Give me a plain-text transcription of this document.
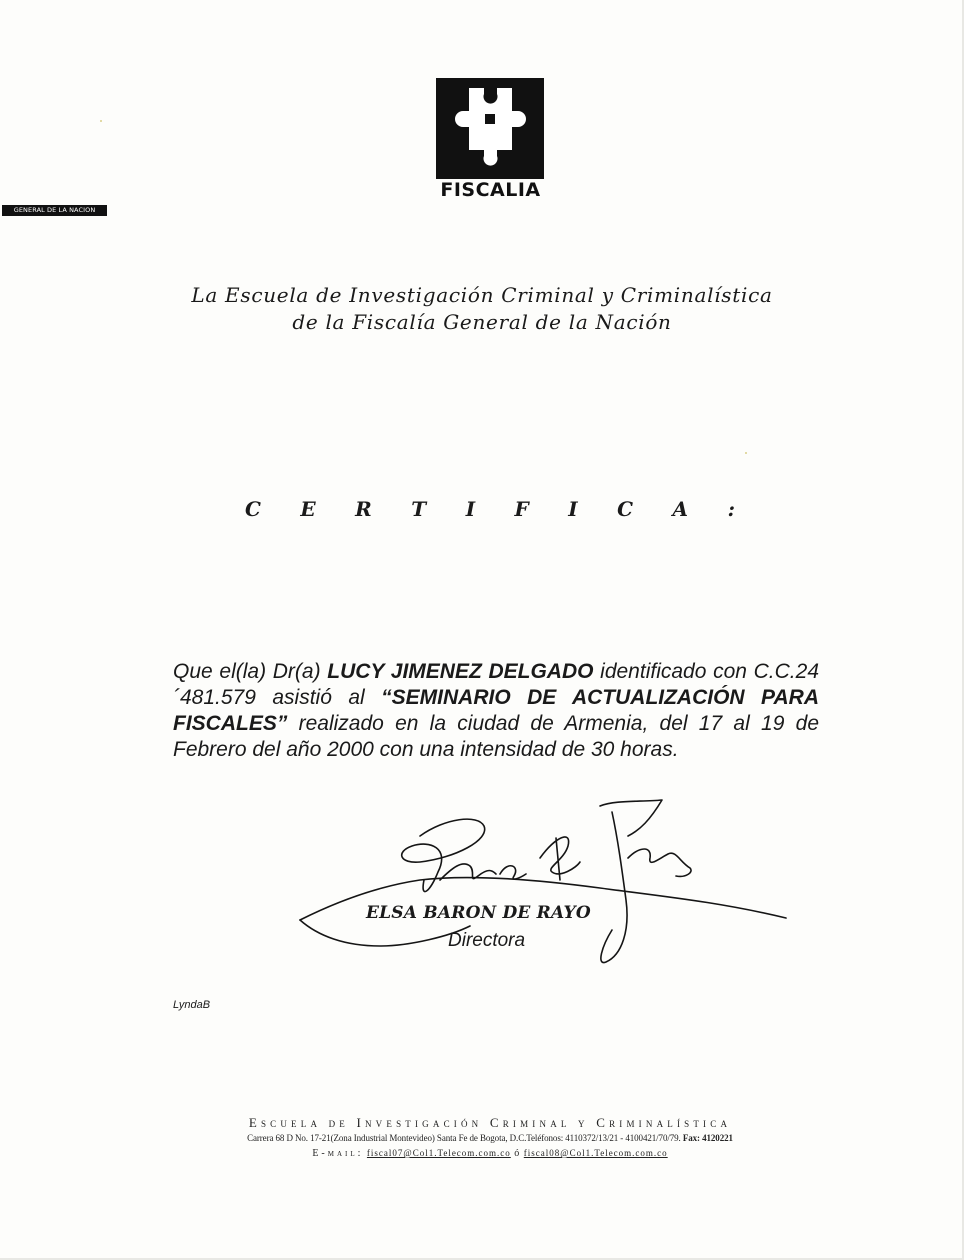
FISCALIA
GENERAL DE LA NACION
La Escuela de Investigación Criminal y Criminalística
de la Fiscalía General de la Nación
C E R T I F I C A :
Que el(la) Dr(a) LUCY JIMENEZ DELGADO identificado con C.C.24´481.579 asistió al “SEMINARIO DE ACTUALIZACIÓN PARA FISCALES” realizado en la ciudad de Armenia, del 17 al 19 de Febrero del año 2000 con una intensidad de 30 horas.
ELSA BARON DE RAYO
Directora
LyndaB
Escuela de Investigación Criminal y Criminalística
Carrera 68 D No. 17-21(Zona Industrial Montevideo) Santa Fe de Bogota, D.C.Teléfonos: 4110372/13/21 - 4100421/70/79. Fax: 4120221
E-mail: fiscal07@Col1.Telecom.com.co ó fiscal08@Col1.Telecom.com.co
